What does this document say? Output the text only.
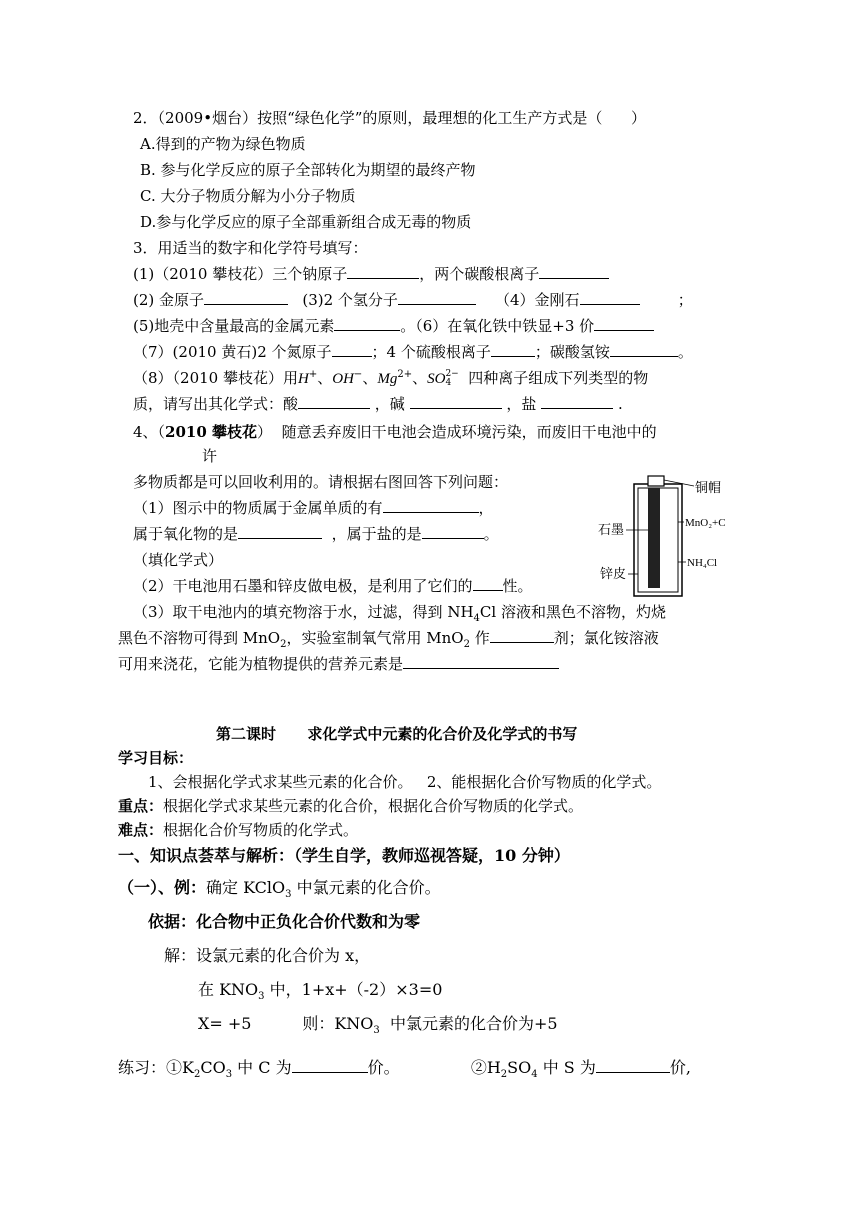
2．（2009•烟台）按照“绿色化学”的原则，最理想的化工生产方式是（ ）
A.得到的产物为绿色物质
B. 参与化学反应的原子全部转化为期望的最终产物
C. 大分子物质分解为小分子物质
D.参与化学反应的原子全部重新组合成无毒的物质
3．用适当的数字和化学符号填写：
(1)（2010 攀枝花）三个钠原子	，两个碳酸根离子
(2) 金原子	(3)2 个氢分子	（4）金刚石	；
(5)地壳中含量最高的金属元素	。（6）在氧化铁中铁显+3 价
（7）(2010 黄石)2 个氮原子	；4 个硫酸根离子	；碳酸氢铵	。
（8）（2010 攀枝花）用H+、OH−、$Mg^{2+}$、SO 2−
4	四种离子组成下列类型的物
质，请写出其化学式：酸	，碱	，盐	.
4、（2010 攀枝花）  随意丢弃废旧干电池会造成环境污染，而废旧干电池中的
许
多物质都是可以回收利用的。请根据右图回答下列问题：
（1）图示中的物质属于金属单质的有	，
属于氧化物的是	，属于盐的是	。
（填化学式）
（2）干电池用石墨和锌皮做电极，是利用了它们的 性。
（3）取干电池内的填充物溶于水，过滤，得到 $NH_4Cl$ 溶液和黑色不溶物，灼烧
黑色不溶物可得到 MnO$_2$，实验室制氧气常用 MnO$_2$ 作	剂；氯化铵溶液
可用来浇花，它能为植物提供的营养元素是
铜帽
MnO₂+C
NH₄Cl
石墨
锌皮
第二课时 求化学式中元素的化合价及化学式的书写
学习目标：
1、会根据化学式求某些元素的化合价。   2、能根据化合价写物质的化学式。
重点：根据化学式求某些元素的化合价，根据化合价写物质的化学式。
难点：根据化合价写物质的化学式。
一、知识点荟萃与解析：（学生自学，教师巡视答疑，10 分钟）
（一）、例：确定 KClO$_3$ 中氯元素的化合价。
依据：化合物中正负化合价代数和为零
解：设氯元素的化合价为 x，
在 $KNO_3$ 中，1+x+（-2）×3=0
X= +5          则：$KNO_3$  中氯元素的化合价为+5
练习：$①K_2CO_3$ 中 C 为	价。	$②H_2SO_4$ 中 S 为	价,
